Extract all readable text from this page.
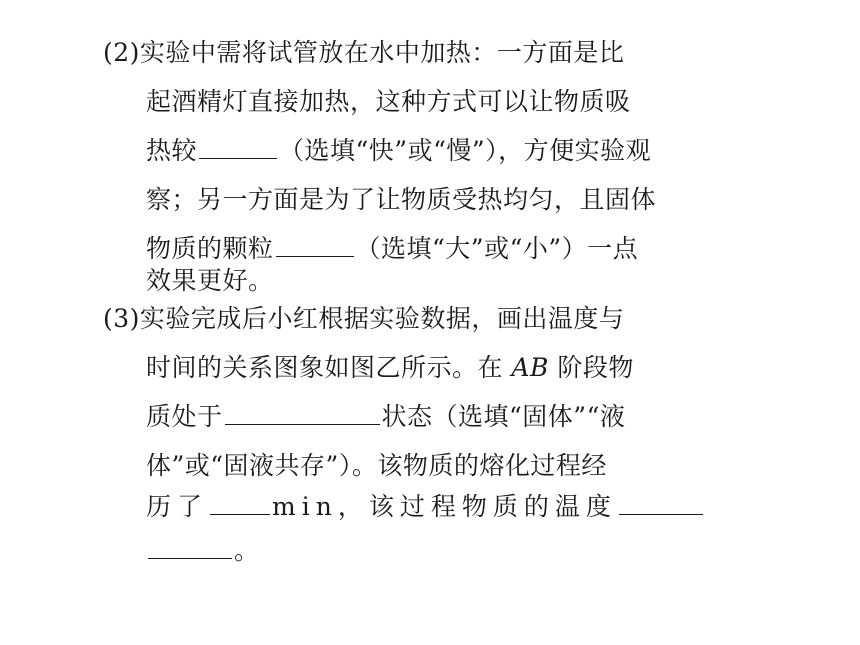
(2)实验中需将试管放在水中加热：一方面是比
起酒精灯直接加热，这种方式可以让物质吸
热较	（选填“快”或“慢”），方便实验观
察；另一方面是为了让物质受热均匀，且固体
物质的颗粒	（选填“大”或“小”）一点
效果更好。
(3)实验完成后小红根据实验数据，画出温度与
时间的关系图象如图乙所示。在 AB 阶段物
质处于	状态（选填“固体”“液
体”或“固液共存”）。该物质的熔化过程经
历了	min，该过程物质的温度
。
